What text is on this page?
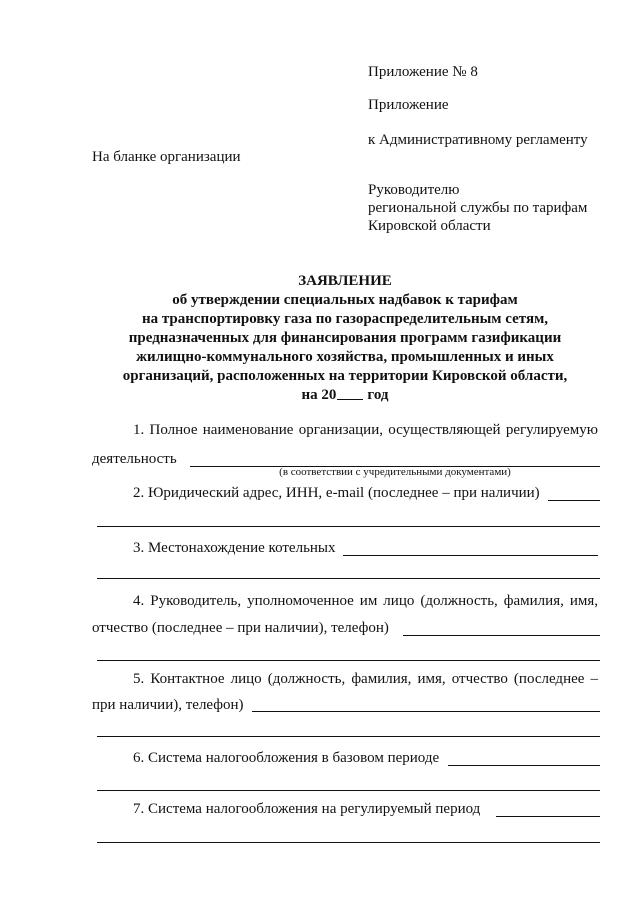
Приложение № 8
Приложение
к Административному регламенту
На бланке организации
Руководителю
региональной службы по тарифам
Кировской области
ЗАЯВЛЕНИЕ
об утверждении специальных надбавок к тарифам
на транспортировку газа по газораспределительным сетям,
предназначенных для финансирования программ газификации
жилищно-коммунального хозяйства, промышленных и иных
организаций, расположенных на территории Кировской области,
на 20 год
1. Полное наименование организации, осуществляющей регулируемую
деятельность
(в соответствии с учредительными документами)
2. Юридический адрес, ИНН, e-mail (последнее – при наличии)
3. Местонахождение котельных
4. Руководитель, уполномоченное им лицо (должность, фамилия, имя,
отчество (последнее – при наличии), телефон)
5. Контактное лицо (должность, фамилия, имя, отчество (последнее –
при наличии), телефон)
6. Система налогообложения в базовом периоде
7. Система налогообложения на регулируемый период
